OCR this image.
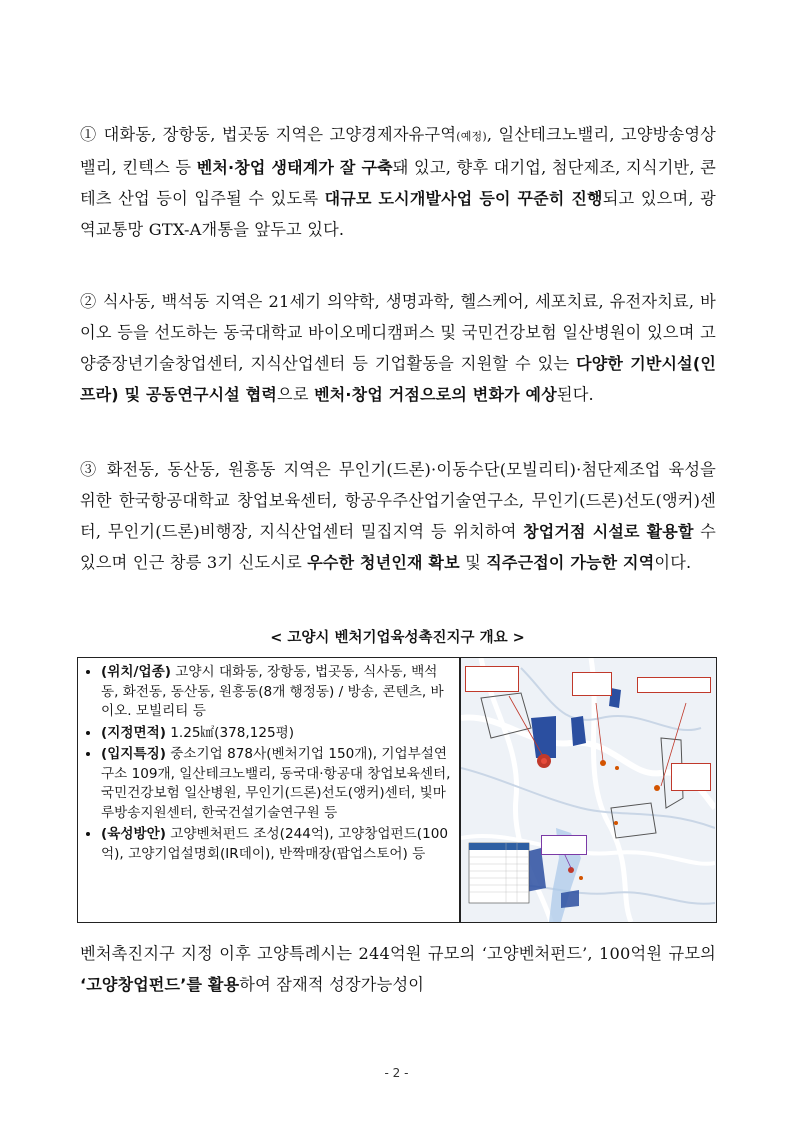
① 대화동, 장항동, 법곳동 지역은 고양경제자유구역(예정), 일산테크노밸리, 고양방송영상밸리, 킨텍스 등 벤처·창업 생태계가 잘 구축돼 있고, 향후 대기업, 첨단제조, 지식기반, 콘테츠 산업 등이 입주될 수 있도록 대규모 도시개발사업 등이 꾸준히 진행되고 있으며, 광역교통망 GTX-A개통을 앞두고 있다.
② 식사동, 백석동 지역은 21세기 의약학, 생명과학, 헬스케어, 세포치료, 유전자치료, 바이오 등을 선도하는 동국대학교 바이오메디캠퍼스 및 국민건강보험 일산병원이 있으며 고양중장년기술창업센터, 지식산업센터 등 기업활동을 지원할 수 있는 다양한 기반시설(인프라) 및 공동연구시설 협력으로 벤처·창업 거점으로의 변화가 예상된다.
③ 화전동, 동산동, 원흥동 지역은 무인기(드론)·이동수단(모빌리티)·첨단제조업 육성을 위한 한국항공대학교 창업보육센터, 항공우주산업기술연구소, 무인기(드론)선도(앵커)센터, 무인기(드론)비행장, 지식산업센터 밀집지역 등 위치하여 창업거점 시설로 활용할 수 있으며 인근 창릉 3기 신도시로 우수한 청년인재 확보 및 직주근접이 가능한 지역이다.
< 고양시 벤처기업육성촉진지구 개요 >
• (위치/업종) 고양시 대화동, 장항동, 법곳동, 식사동, 백석동, 화전동, 동산동, 원흥동(8개 행정동) / 방송, 콘텐츠, 바이오. 모빌리티 등
• (지정면적) 1.25㎢(378,125평)
• (입지특징) 중소기업 878사(벤처기업 150개), 기업부설연구소 109개, 일산테크노밸리, 동국대·항공대 창업보육센터, 국민건강보험 일산병원, 무인기(드론)선도(앵커)센터, 빛마루방송지원센터, 한국건설기술연구원 등
• (육성방안) 고양벤처펀드 조성(244억), 고양창업펀드(100억), 고양기업설명회(IR데이), 반짝매장(팝업스토어) 등
벤처촉진지구 지정 이후 고양특례시는 244억원 규모의 ‘고양벤처펀드’, 100억원 규모의 ‘고양창업펀드’를 활용하여 잠재적 성장가능성이
- 2 -
